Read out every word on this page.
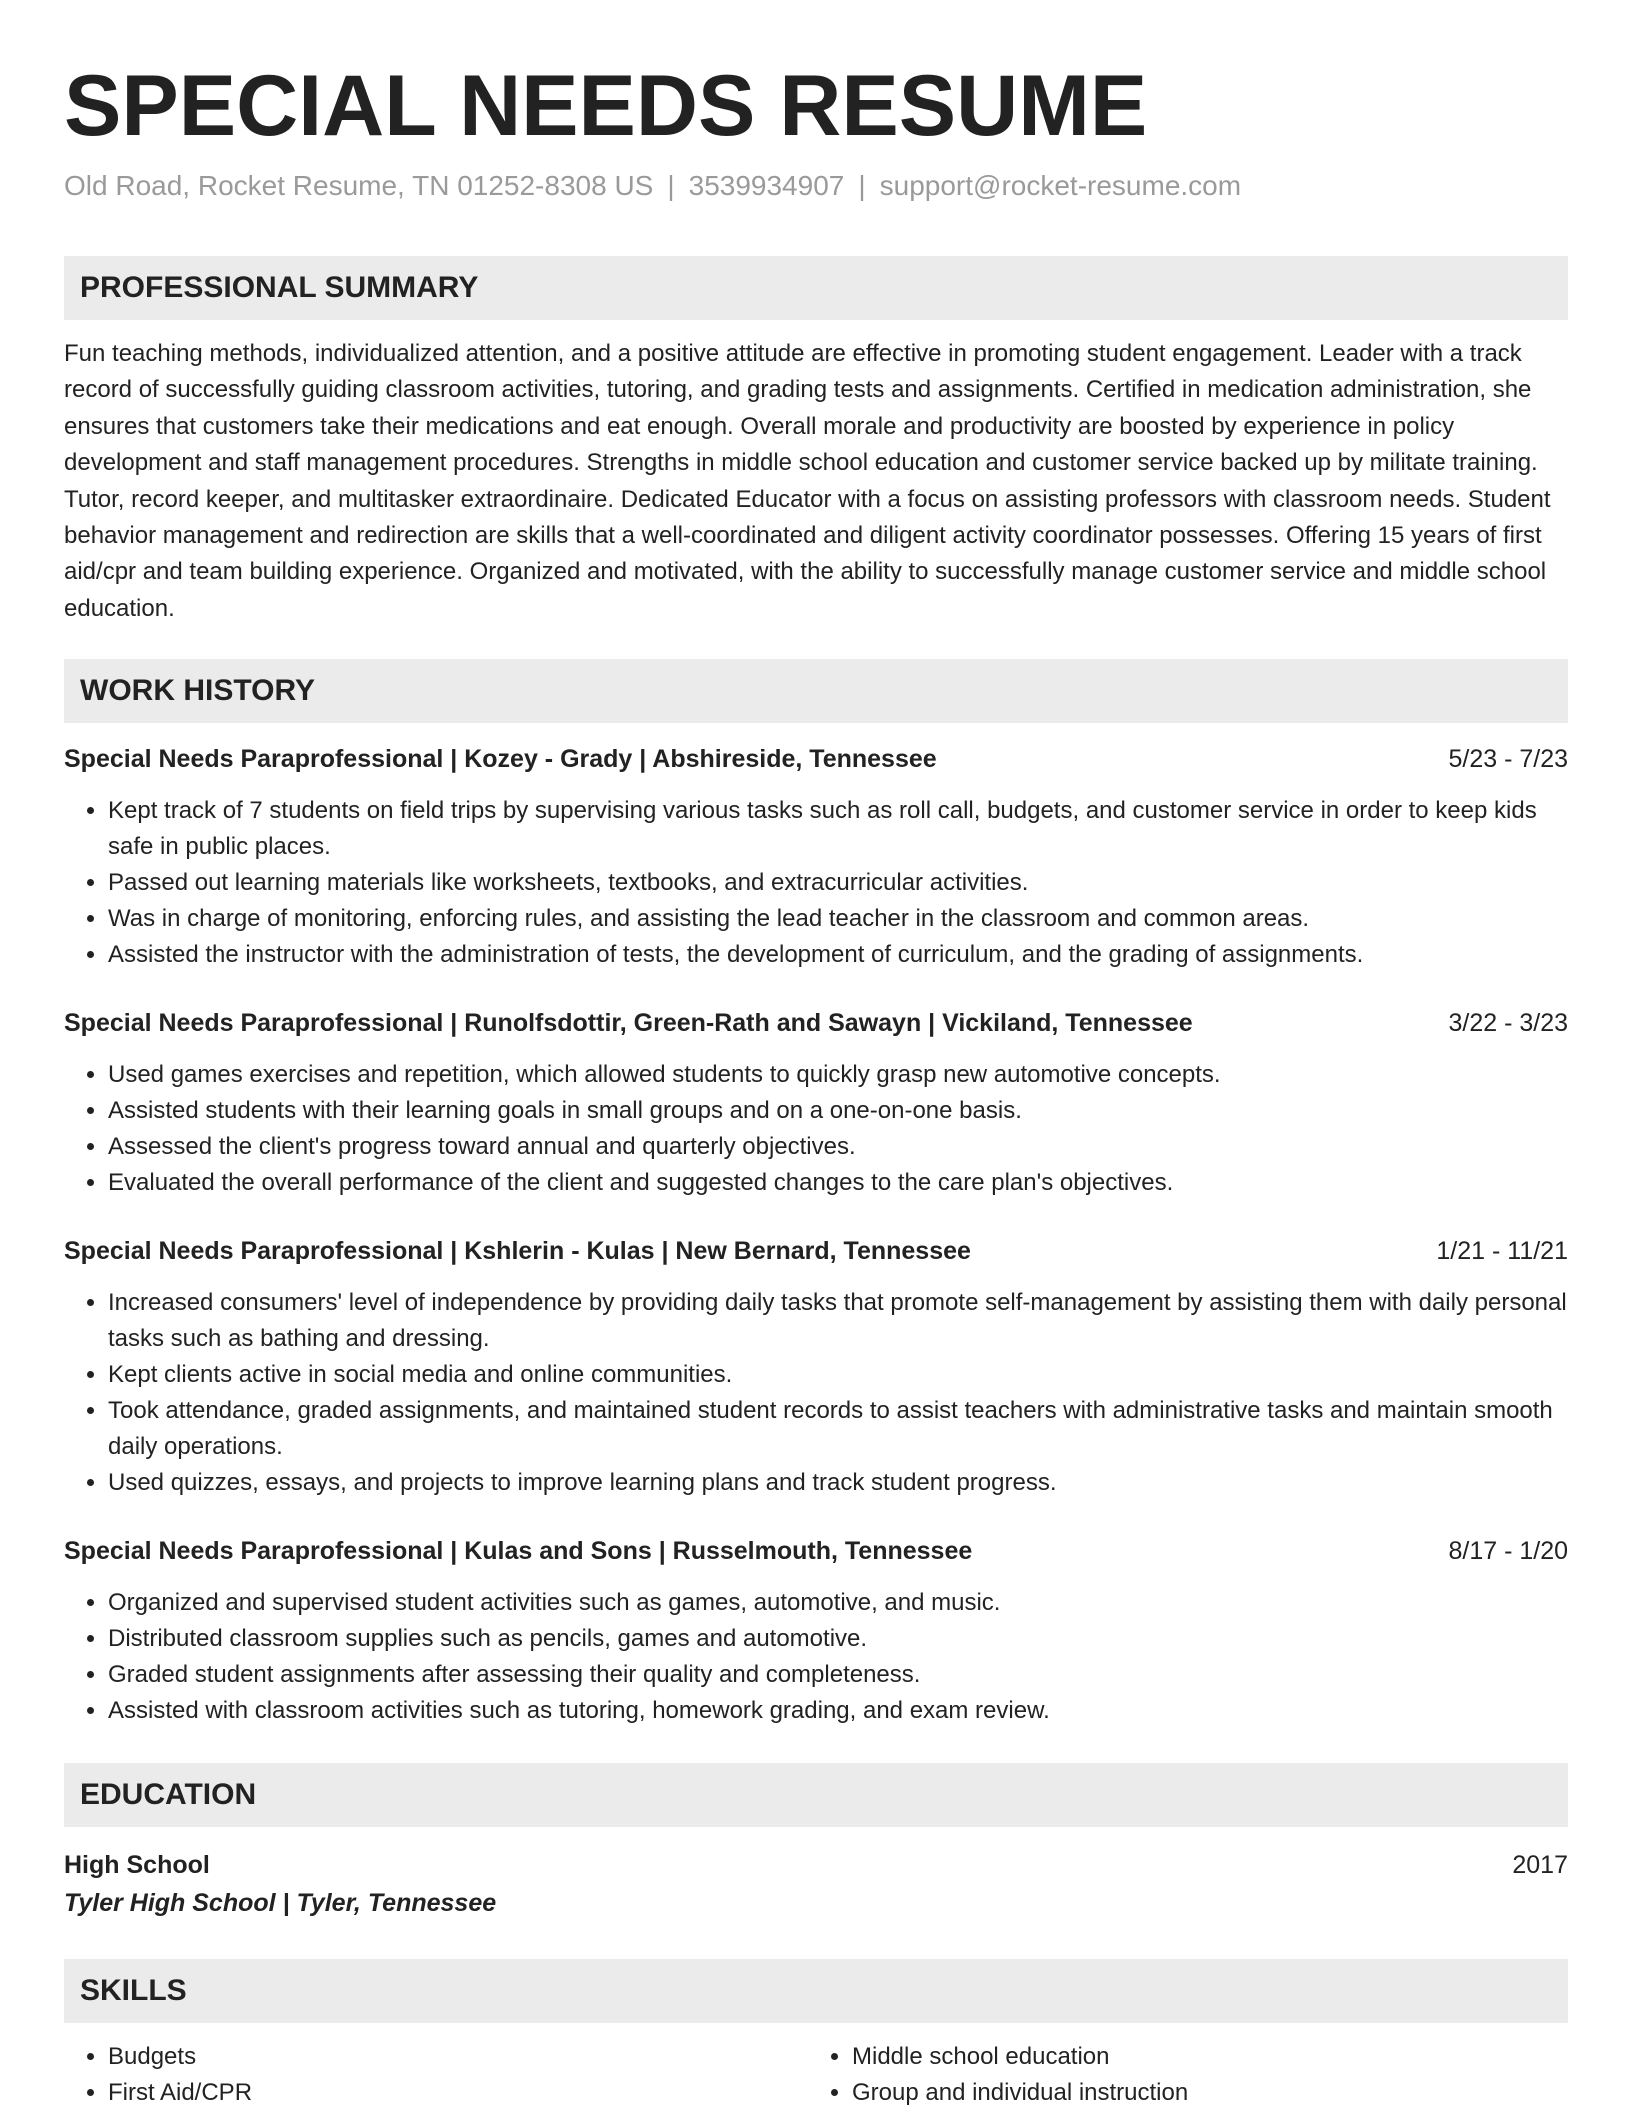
SPECIAL NEEDS RESUME
Old Road, Rocket Resume, TN 01252-8308 US | 3539934907 | support@rocket-resume.com
PROFESSIONAL SUMMARY
Fun teaching methods, individualized attention, and a positive attitude are effective in promoting student engagement. Leader with a track record of successfully guiding classroom activities, tutoring, and grading tests and assignments. Certified in medication administration, she ensures that customers take their medications and eat enough. Overall morale and productivity are boosted by experience in policy development and staff management procedures. Strengths in middle school education and customer service backed up by militate training. Tutor, record keeper, and multitasker extraordinaire. Dedicated Educator with a focus on assisting professors with classroom needs. Student behavior management and redirection are skills that a well-coordinated and diligent activity coordinator possesses. Offering 15 years of first aid/cpr and team building experience. Organized and motivated, with the ability to successfully manage customer service and middle school education.
WORK HISTORY
Special Needs Paraprofessional | Kozey - Grady | Abshireside, Tennessee	5/23 - 7/23
• Kept track of 7 students on field trips by supervising various tasks such as roll call, budgets, and customer service in order to keep kids safe in public places.
• Passed out learning materials like worksheets, textbooks, and extracurricular activities.
• Was in charge of monitoring, enforcing rules, and assisting the lead teacher in the classroom and common areas.
• Assisted the instructor with the administration of tests, the development of curriculum, and the grading of assignments.
Special Needs Paraprofessional | Runolfsdottir, Green-Rath and Sawayn | Vickiland, Tennessee	3/22 - 3/23
• Used games exercises and repetition, which allowed students to quickly grasp new automotive concepts.
• Assisted students with their learning goals in small groups and on a one-on-one basis.
• Assessed the client's progress toward annual and quarterly objectives.
• Evaluated the overall performance of the client and suggested changes to the care plan's objectives.
Special Needs Paraprofessional | Kshlerin - Kulas | New Bernard, Tennessee	1/21 - 11/21
• Increased consumers' level of independence by providing daily tasks that promote self-management by assisting them with daily personal tasks such as bathing and dressing.
• Kept clients active in social media and online communities.
• Took attendance, graded assignments, and maintained student records to assist teachers with administrative tasks and maintain smooth daily operations.
• Used quizzes, essays, and projects to improve learning plans and track student progress.
Special Needs Paraprofessional | Kulas and Sons | Russelmouth, Tennessee	8/17 - 1/20
• Organized and supervised student activities such as games, automotive, and music.
• Distributed classroom supplies such as pencils, games and automotive.
• Graded student assignments after assessing their quality and completeness.
• Assisted with classroom activities such as tutoring, homework grading, and exam review.
EDUCATION
High School	2017
Tyler High School | Tyler, Tennessee
SKILLS
• Budgets
• First Aid/CPR
• Middle school education
• Group and individual instruction
